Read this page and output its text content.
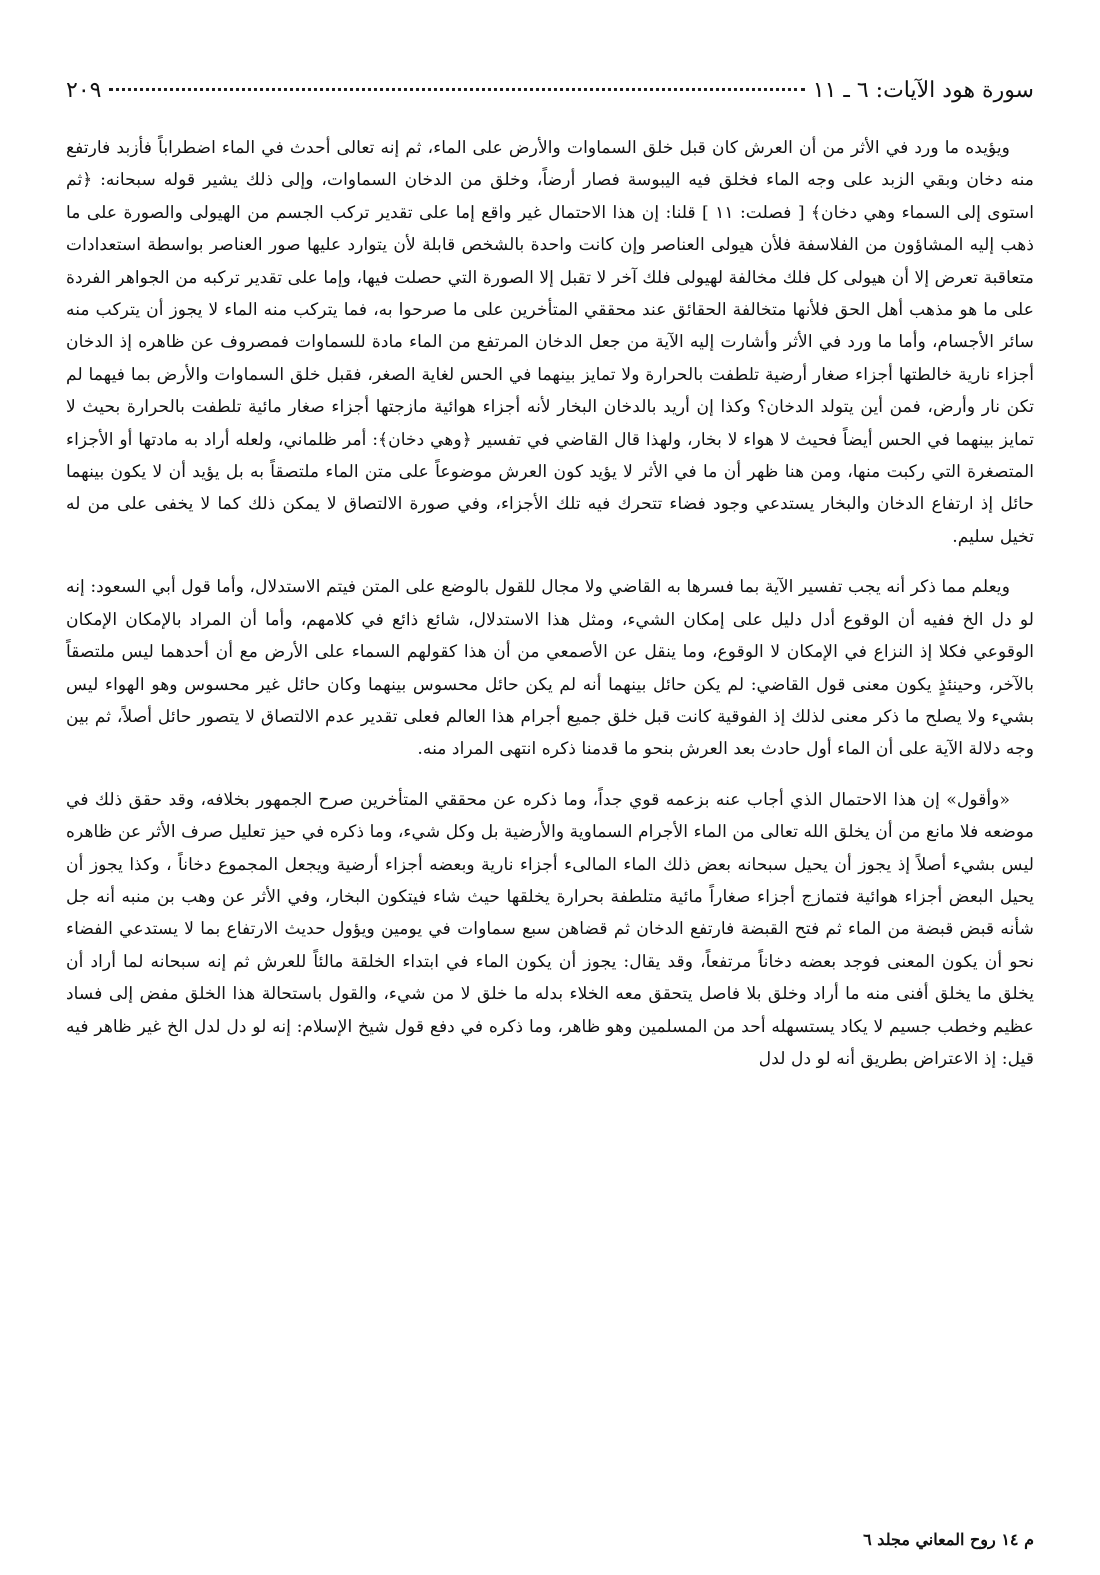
سورة هود الآيات: ٦ ـ ١١
٢٠٩

ويؤيده ما ورد في الأثر من أن العرش كان قبل خلق السماوات والأرض على الماء، ثم إنه تعالى أحدث في الماء اضطراباً فأزبد فارتفع منه دخان وبقي الزبد على وجه الماء فخلق فيه اليبوسة فصار أرضاً، وخلق من الدخان السماوات، وإلى ذلك يشير قوله سبحانه: ﴿ثم استوى إلى السماء وهي دخان﴾ [ فصلت: ١١ ] قلنا: إن هذا الاحتمال غير واقع إما على تقدير تركب الجسم من الهيولى والصورة على ما ذهب إليه المشاؤون من الفلاسفة فلأن هيولى العناصر وإن كانت واحدة بالشخص قابلة لأن يتوارد عليها صور العناصر بواسطة استعدادات متعاقبة تعرض إلا أن هيولى كل فلك مخالفة لهيولى فلك آخر لا تقبل إلا الصورة التي حصلت فيها، وإما على تقدير تركبه من الجواهر الفردة على ما هو مذهب أهل الحق فلأنها متخالفة الحقائق عند محققي المتأخرين على ما صرحوا به، فما يتركب منه الماء لا يجوز أن يتركب منه سائر الأجسام، وأما ما ورد في الأثر وأشارت إليه الآية من جعل الدخان المرتفع من الماء مادة للسماوات فمصروف عن ظاهره إذ الدخان أجزاء نارية خالطتها أجزاء صغار أرضية تلطفت بالحرارة ولا تمايز بينهما في الحس لغاية الصغر، فقبل خلق السماوات والأرض بما فيهما لم تكن نار وأرض، فمن أين يتولد الدخان؟ وكذا إن أريد بالدخان البخار لأنه أجزاء هوائية مازجتها أجزاء صغار مائية تلطفت بالحرارة بحيث لا تمايز بينهما في الحس أيضاً فحيث لا هواء لا بخار، ولهذا قال القاضي في تفسير ﴿وهي دخان﴾: أمر ظلماني، ولعله أراد به مادتها أو الأجزاء المتصغرة التي ركبت منها، ومن هنا ظهر أن ما في الأثر لا يؤيد كون العرش موضوعاً على متن الماء ملتصقاً به بل يؤيد أن لا يكون بينهما حائل إذ ارتفاع الدخان والبخار يستدعي وجود فضاء تتحرك فيه تلك الأجزاء، وفي صورة الالتصاق لا يمكن ذلك كما لا يخفى على من له تخيل سليم.

ويعلم مما ذكر أنه يجب تفسير الآية بما فسرها به القاضي ولا مجال للقول بالوضع على المتن فيتم الاستدلال، وأما قول أبي السعود: إنه لو دل الخ ففيه أن الوقوع أدل دليل على إمكان الشيء، ومثل هذا الاستدلال، شائع ذائع في كلامهم، وأما أن المراد بالإمكان الإمكان الوقوعي فكلا إذ النزاع في الإمكان لا الوقوع، وما ينقل عن الأصمعي من أن هذا كقولهم السماء على الأرض مع أن أحدهما ليس ملتصقاً بالآخر، وحينئذٍ يكون معنى قول القاضي: لم يكن حائل بينهما أنه لم يكن حائل محسوس بينهما وكان حائل غير محسوس وهو الهواء ليس بشيء ولا يصلح ما ذكر معنى لذلك إذ الفوقية كانت قبل خلق جميع أجرام هذا العالم فعلى تقدير عدم الالتصاق لا يتصور حائل أصلاً، ثم بين وجه دلالة الآية على أن الماء أول حادث بعد العرش بنحو ما قدمنا ذكره انتهى المراد منه.

«وأقول» إن هذا الاحتمال الذي أجاب عنه بزعمه قوي جداً، وما ذكره عن محققي المتأخرين صرح الجمهور بخلافه، وقد حقق ذلك في موضعه فلا مانع من أن يخلق الله تعالى من الماء الأجرام السماوية والأرضية بل وكل شيء، وما ذكره في حيز تعليل صرف الأثر عن ظاهره ليس بشيء أصلاً إذ يجوز أن يحيل سبحانه بعض ذلك الماء المالىء أجزاء نارية وبعضه أجزاء أرضية ويجعل المجموع دخاناً ، وكذا يجوز أن يحيل البعض أجزاء هوائية فتمازج أجزاء صغاراً مائية متلطفة بحرارة يخلقها حيث شاء فيتكون البخار، وفي الأثر عن وهب بن منبه أنه جل شأنه قبض قبضة من الماء ثم فتح القبضة فارتفع الدخان ثم قضاهن سبع سماوات في يومين ويؤول حديث الارتفاع بما لا يستدعي الفضاء نحو أن يكون المعنى فوجد بعضه دخاناً مرتفعاً، وقد يقال: يجوز أن يكون الماء في ابتداء الخلقة مالئاً للعرش ثم إنه سبحانه لما أراد أن يخلق ما يخلق أفنى منه ما أراد وخلق بلا فاصل يتحقق معه الخلاء بدله ما خلق لا من شيء، والقول باستحالة هذا الخلق مفض إلى فساد عظيم وخطب جسيم لا يكاد يستسهله أحد من المسلمين وهو ظاهر، وما ذكره في دفع قول شيخ الإسلام: إنه لو دل لدل الخ غير ظاهر فيه قيل: إذ الاعتراض بطريق أنه لو دل لدل

م ١٤ روح المعاني مجلد ٦
